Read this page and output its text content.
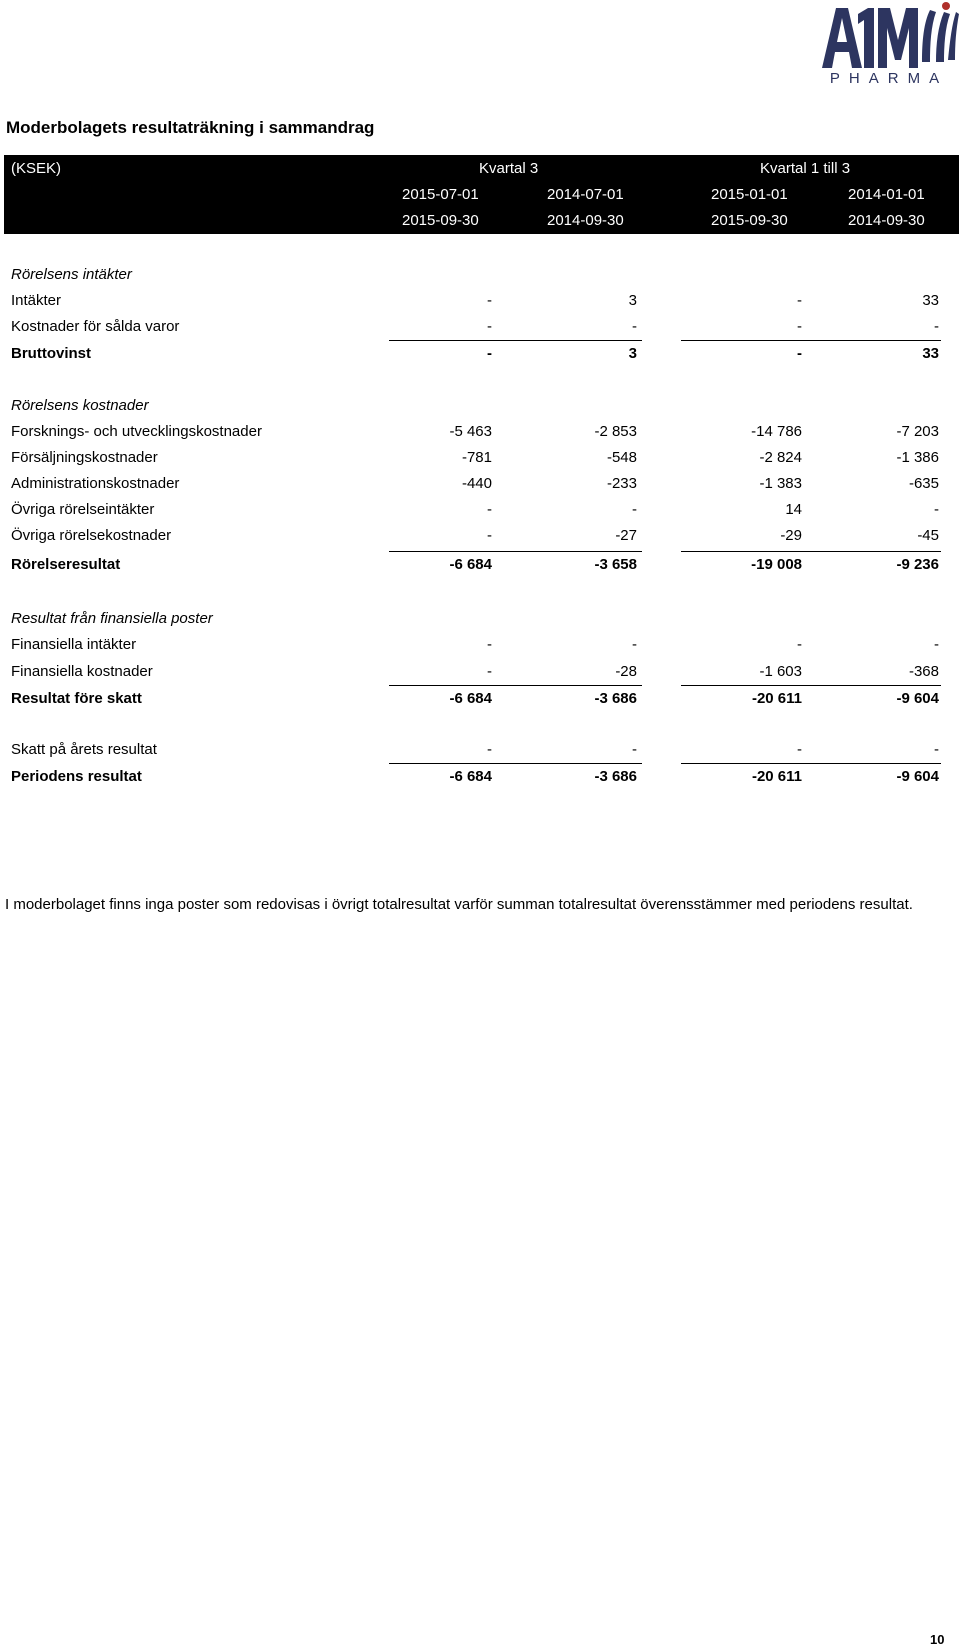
PHARMA
Moderbolagets resultaträkning i sammandrag
(KSEK)	Kvartal 3	Kvartal 1 till 3
2015-07-01	2014-07-01	2015-01-01	2014-01-01
2015-09-30	2014-09-30	2015-09-30	2014-09-30
Rörelsens intäkter
Intäkter	-	3	-	33
Kostnader för sålda varor	-	-	-	-
Bruttovinst	-	3	-	33
Rörelsens kostnader
Forsknings- och utvecklingskostnader	-5 463	-2 853	-14 786	-7 203
Försäljningskostnader	-781	-548	-2 824	-1 386
Administrationskostnader	-440	-233	-1 383	-635
Övriga rörelseintäkter	-	-	14	-
Övriga rörelsekostnader	-	-27	-29	-45
Rörelseresultat	-6 684	-3 658	-19 008	-9 236
Resultat från finansiella poster
Finansiella intäkter	-	-	-	-
Finansiella kostnader	-	-28	-1 603	-368
Resultat före skatt	-6 684	-3 686	-20 611	-9 604
Skatt på årets resultat	-	-	-	-
Periodens resultat	-6 684	-3 686	-20 611	-9 604
I moderbolaget finns inga poster som redovisas i övrigt totalresultat varför summan totalresultat överensstämmer med periodens resultat.
10
